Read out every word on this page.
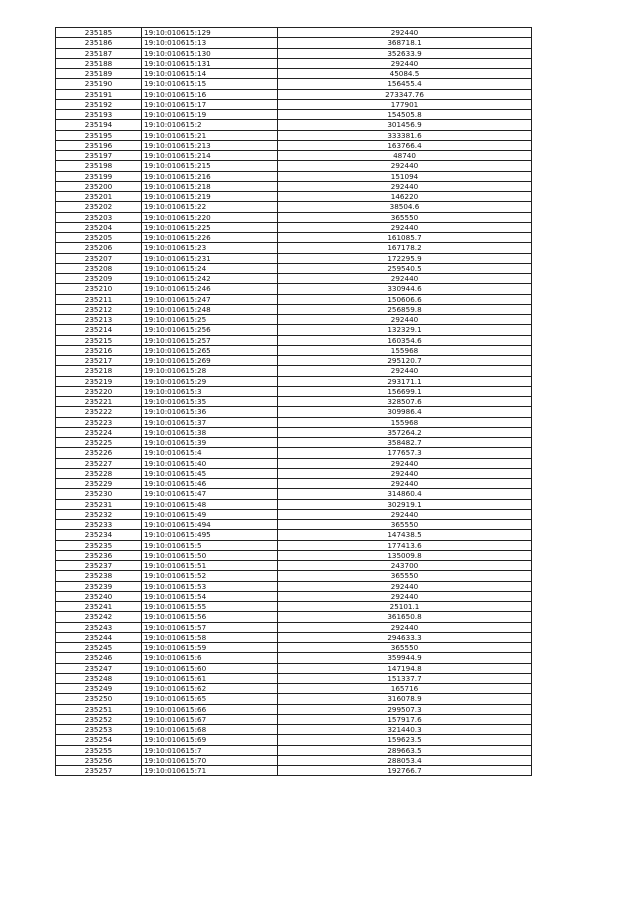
235185	19:10:010615:129	292440
235186	19:10:010615:13	368718.1
235187	19:10:010615:130	352633.9
235188	19:10:010615:131	292440
235189	19:10:010615:14	45084.5
235190	19:10:010615:15	156455.4
235191	19:10:010615:16	273347.76
235192	19:10:010615:17	177901
235193	19:10:010615:19	154505.8
235194	19:10:010615:2	301456.9
235195	19:10:010615:21	333381.6
235196	19:10:010615:213	163766.4
235197	19:10:010615:214	48740
235198	19:10:010615:215	292440
235199	19:10:010615:216	151094
235200	19:10:010615:218	292440
235201	19:10:010615:219	146220
235202	19:10:010615:22	38504.6
235203	19:10:010615:220	365550
235204	19:10:010615:225	292440
235205	19:10:010615:226	161085.7
235206	19:10:010615:23	167178.2
235207	19:10:010615:231	172295.9
235208	19:10:010615:24	259540.5
235209	19:10:010615:242	292440
235210	19:10:010615:246	330944.6
235211	19:10:010615:247	150606.6
235212	19:10:010615:248	256859.8
235213	19:10:010615:25	292440
235214	19:10:010615:256	132329.1
235215	19:10:010615:257	160354.6
235216	19:10:010615:265	155968
235217	19:10:010615:269	295120.7
235218	19:10:010615:28	292440
235219	19:10:010615:29	293171.1
235220	19:10:010615:3	156699.1
235221	19:10:010615:35	328507.6
235222	19:10:010615:36	309986.4
235223	19:10:010615:37	155968
235224	19:10:010615:38	357264.2
235225	19:10:010615:39	358482.7
235226	19:10:010615:4	177657.3
235227	19:10:010615:40	292440
235228	19:10:010615:45	292440
235229	19:10:010615:46	292440
235230	19:10:010615:47	314860.4
235231	19:10:010615:48	302919.1
235232	19:10:010615:49	292440
235233	19:10:010615:494	365550
235234	19:10:010615:495	147438.5
235235	19:10:010615:5	177413.6
235236	19:10:010615:50	135009.8
235237	19:10:010615:51	243700
235238	19:10:010615:52	365550
235239	19:10:010615:53	292440
235240	19:10:010615:54	292440
235241	19:10:010615:55	25101.1
235242	19:10:010615:56	361650.8
235243	19:10:010615:57	292440
235244	19:10:010615:58	294633.3
235245	19:10:010615:59	365550
235246	19:10:010615:6	359944.9
235247	19:10:010615:60	147194.8
235248	19:10:010615:61	151337.7
235249	19:10:010615:62	165716
235250	19:10:010615:65	316078.9
235251	19:10:010615:66	299507.3
235252	19:10:010615:67	157917.6
235253	19:10:010615:68	321440.3
235254	19:10:010615:69	159623.5
235255	19:10:010615:7	289663.5
235256	19:10:010615:70	288053.4
235257	19:10:010615:71	192766.7
